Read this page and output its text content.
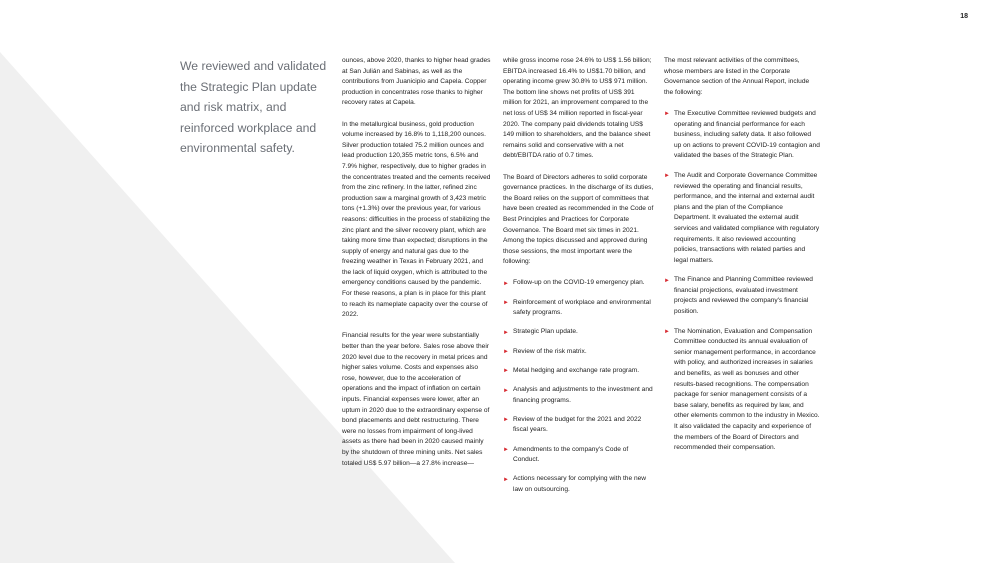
18
We reviewed and validated the Strategic Plan update and risk matrix, and reinforced workplace and environmental safety.

ounces, above 2020, thanks to higher head grades at San Julián and Sabinas, as well as the contributions from Juanicipio and Capela. Copper production in concentrates rose thanks to higher recovery rates at Capela.

In the metallurgical business, gold production volume increased by 16.8% to 1,118,200 ounces. Silver production totaled 75.2 million ounces and lead production 120,355 metric tons, 6.5% and 7.9% higher, respectively, due to higher grades in the concentrates treated and the cements received from the zinc refinery. In the latter, refined zinc production saw a marginal growth of 3,423 metric tons (+1.3%) over the previous year, for various reasons: difficulties in the process of stabilizing the zinc plant and the silver recovery plant, which are taking more time than expected; disruptions in the supply of energy and natural gas due to the freezing weather in Texas in February 2021, and the lack of liquid oxygen, which is attributed to the emergency conditions caused by the pandemic. For these reasons, a plan is in place for this plant to reach its nameplate capacity over the course of 2022.

Financial results for the year were substantially better than the year before. Sales rose above their 2020 level due to the recovery in metal prices and higher sales volume. Costs and expenses also rose, however, due to the acceleration of operations and the impact of inflation on certain inputs. Financial expenses were lower, after an uptum in 2020 due to the extraordinary expense of bond placements and debt restructuring. There were no losses from impairment of long-lived assets as there had been in 2020 caused mainly by the shutdown of three mining units. Net sales totaled US$ 5.97 billion—a 27.8% increase—

while gross income rose 24.6% to US$ 1.56 billion; EBITDA increased 16.4% to US$1.70 billion, and operating income grew 30.8% to US$ 971 million. The bottom line shows net profits of US$ 391 million for 2021, an improvement compared to the net loss of US$ 34 million reported in fiscal-year 2020. The company paid dividends totaling US$ 149 million to shareholders, and the balance sheet remains solid and conservative with a net debt/EBITDA ratio of 0.7 times.

The Board of Directors adheres to solid corporate governance practices. In the discharge of its duties, the Board relies on the support of committees that have been created as recommended in the Code of Best Principles and Practices for Corporate Governance. The Board met six times in 2021. Among the topics discussed and approved during those sessions, the most important were the following:

► Follow-up on the COVID-19 emergency plan.
► Reinforcement of workplace and environmental safety programs.
► Strategic Plan update.
► Review of the risk matrix.
► Metal hedging and exchange rate program.
► Analysis and adjustments to the investment and financing programs.
► Review of the budget for the 2021 and 2022 fiscal years.
► Amendments to the company's Code of Conduct.
► Actions necessary for complying with the new law on outsourcing.

The most relevant activities of the committees, whose members are listed in the Corporate Governance section of the Annual Report, include the following:

► The Executive Committee reviewed budgets and operating and financial performance for each business, including safety data. It also followed up on actions to prevent COVID-19 contagion and validated the bases of the Strategic Plan.
► The Audit and Corporate Governance Committee reviewed the operating and financial results, performance, and the internal and external audit plans and the plan of the Compliance Department. It evaluated the external audit services and validated compliance with regulatory requirements. It also reviewed accounting policies, transactions with related parties and legal matters.
► The Finance and Planning Committee reviewed financial projections, evaluated investment projects and reviewed the company's financial position.
► The Nomination, Evaluation and Compensation Committee conducted its annual evaluation of senior management performance, in accordance with policy, and authorized increases in salaries and benefits, as well as bonuses and other results-based recognitions. The compensation package for senior management consists of a base salary, benefits as required by law, and other elements common to the industry in Mexico. It also validated the capacity and experience of the members of the Board of Directors and recommended their compensation.
